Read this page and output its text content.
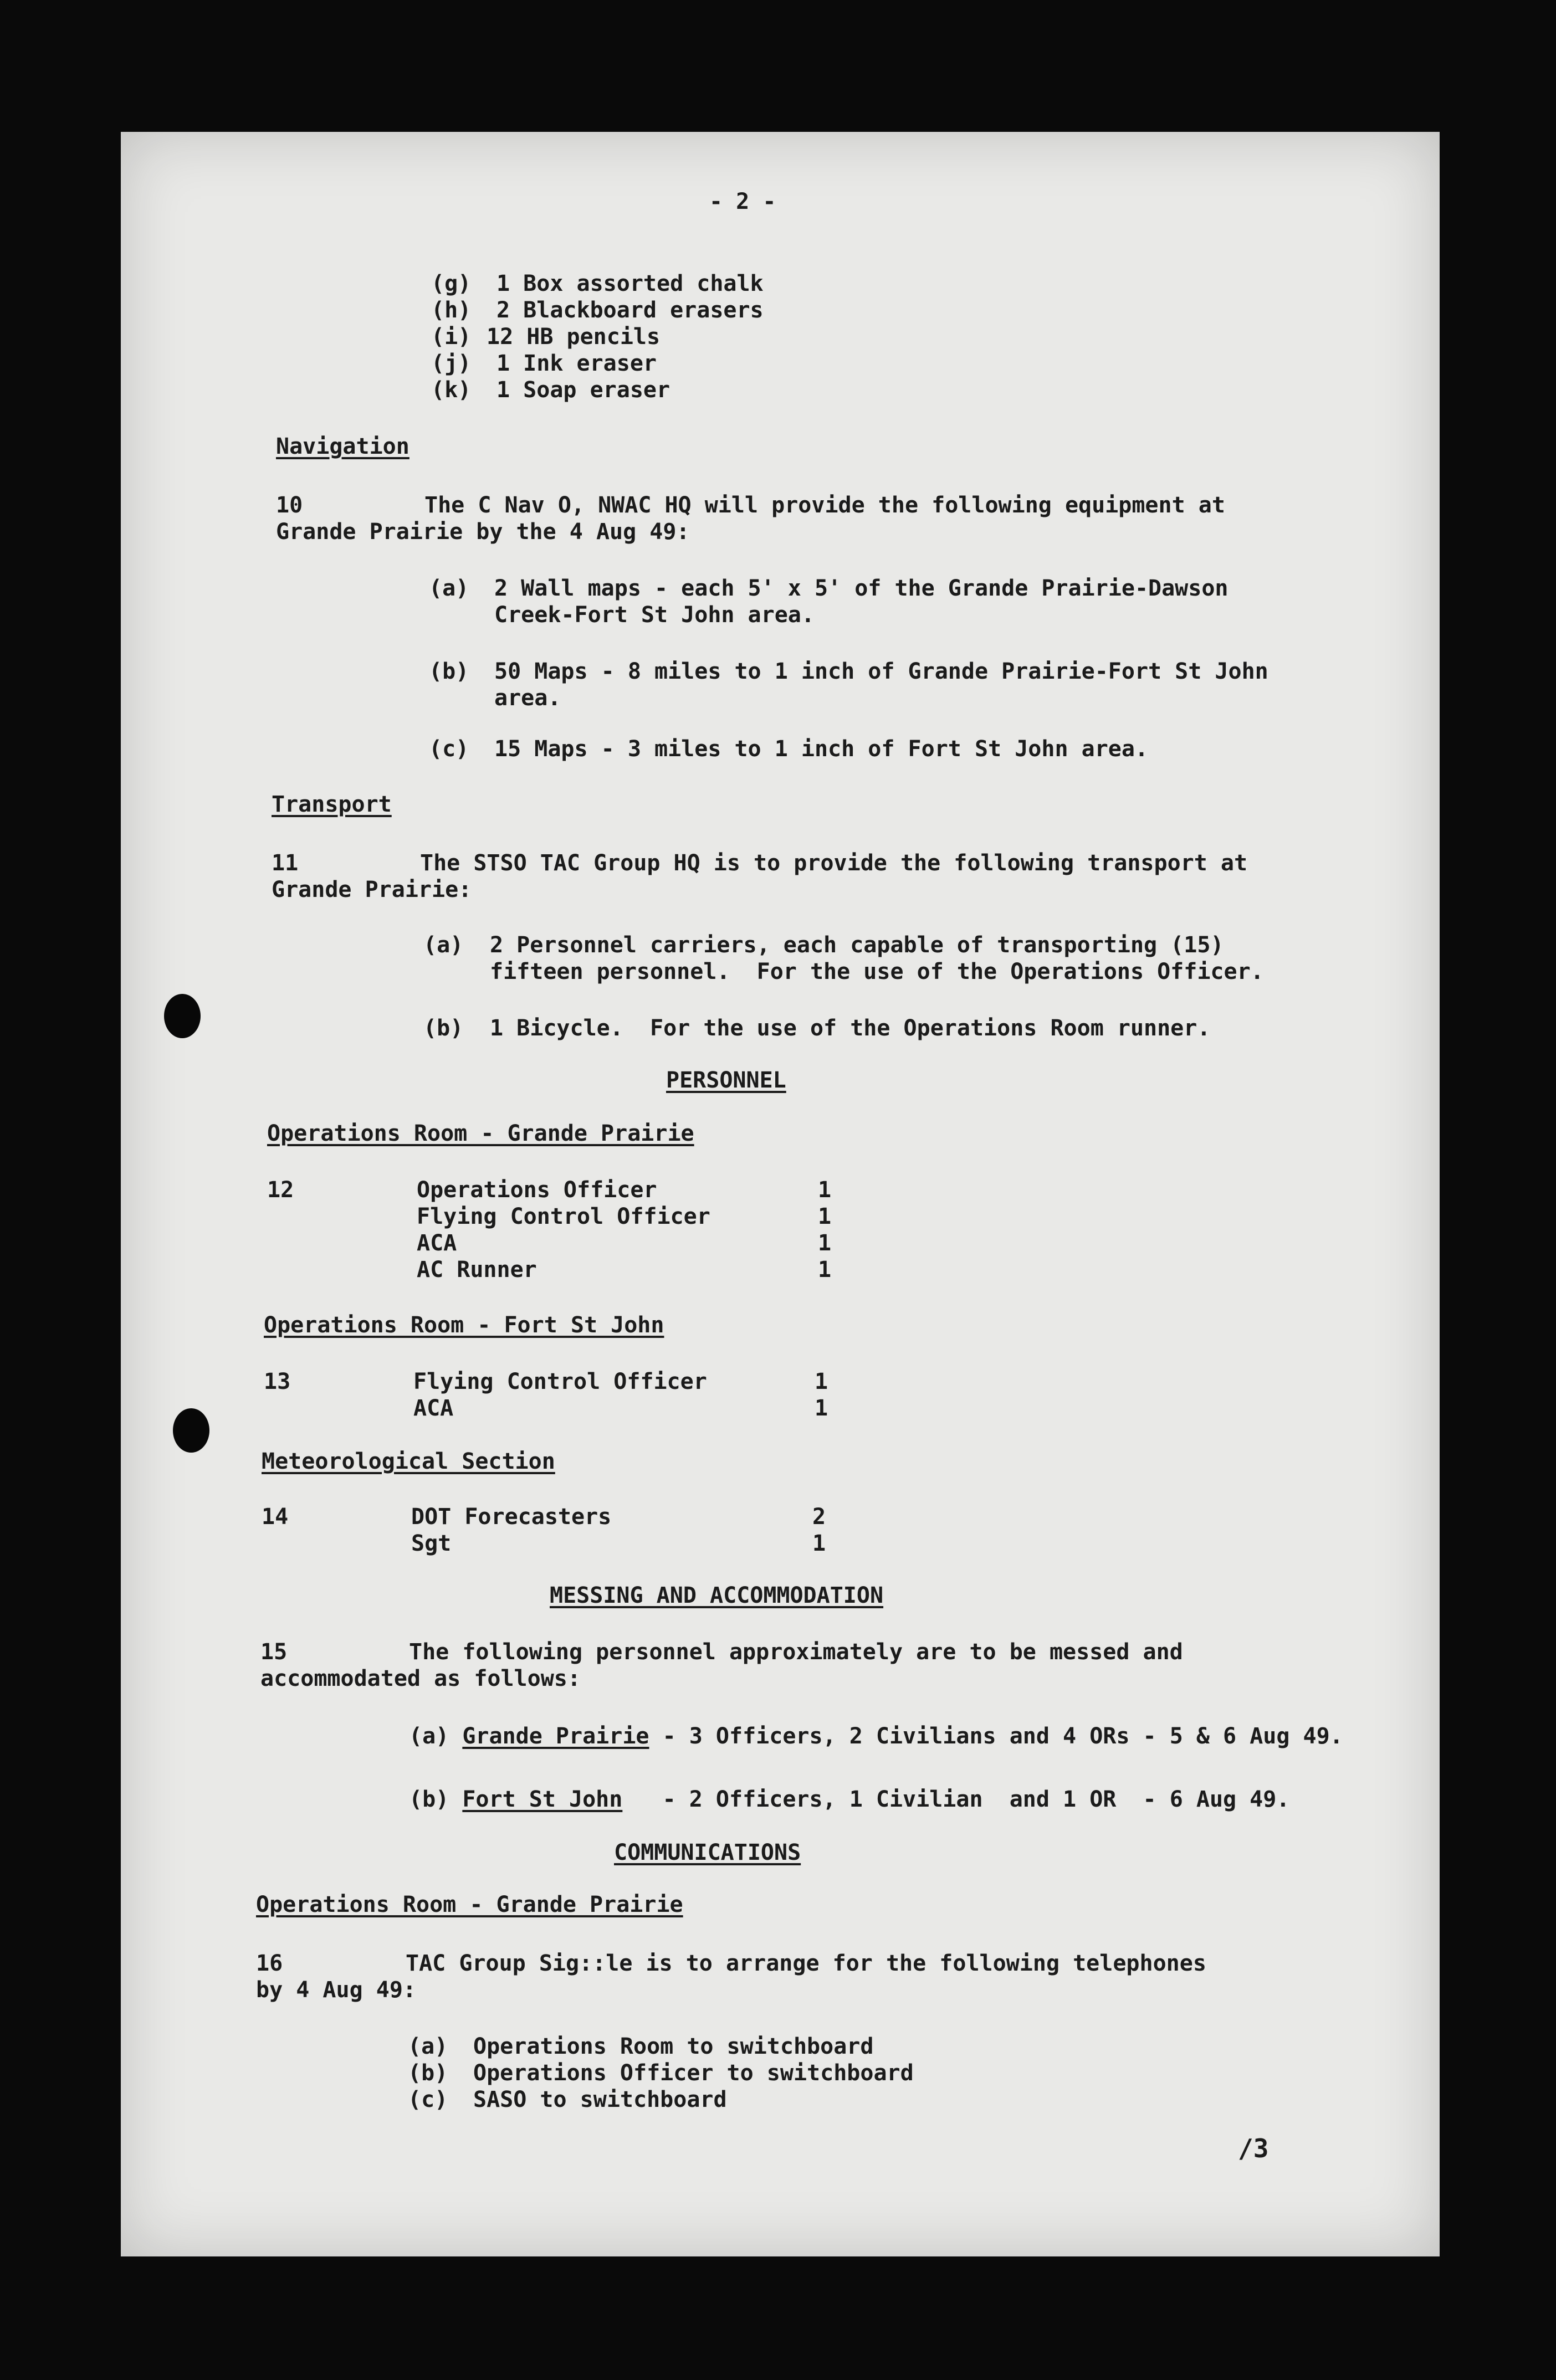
- 2 -
(g) 1 Box assorted chalk
(h) 2 Blackboard erasers
(i) 12 HB pencils
(j) 1 Ink eraser
(k) 1 Soap eraser
Navigation
10	The C Nav O, NWAC HQ will provide the following equipment at
Grande Prairie by the 4 Aug 49:
(a) 2 Wall maps - each 5' x 5' of the Grande Prairie-Dawson
Creek-Fort St John area.
(b) 50 Maps - 8 miles to 1 inch of Grande Prairie-Fort St John
area.
(c) 15 Maps - 3 miles to 1 inch of Fort St John area.
Transport
11	The STSO TAC Group HQ is to provide the following transport at
Grande Prairie:
(a) 2 Personnel carriers, each capable of transporting (15)
fifteen personnel.  For the use of the Operations Officer.
(b) 1 Bicycle.  For the use of the Operations Room runner.
PERSONNEL
Operations Room - Grande Prairie
12	Operations Officer	1
Flying Control Officer	1
ACA	1
AC Runner	1
Operations Room - Fort St John
13	Flying Control Officer	1
ACA	1
Meteorological Section
14	DOT Forecasters	2
Sgt	1
MESSING AND ACCOMMODATION
15	The following personnel approximately are to be messed and
accommodated as follows:
(a) Grande Prairie - 3 Officers, 2 Civilians and 4 ORs - 5 & 6 Aug 49.
(b) Fort St John   - 2 Officers, 1 Civilian  and 1 OR  - 6 Aug 49.
COMMUNICATIONS
Operations Room - Grande Prairie
16	TAC Group Sig::le is to arrange for the following telephones
by 4 Aug 49:
(a) Operations Room to switchboard
(b) Operations Officer to switchboard
(c) SASO to switchboard
/3
